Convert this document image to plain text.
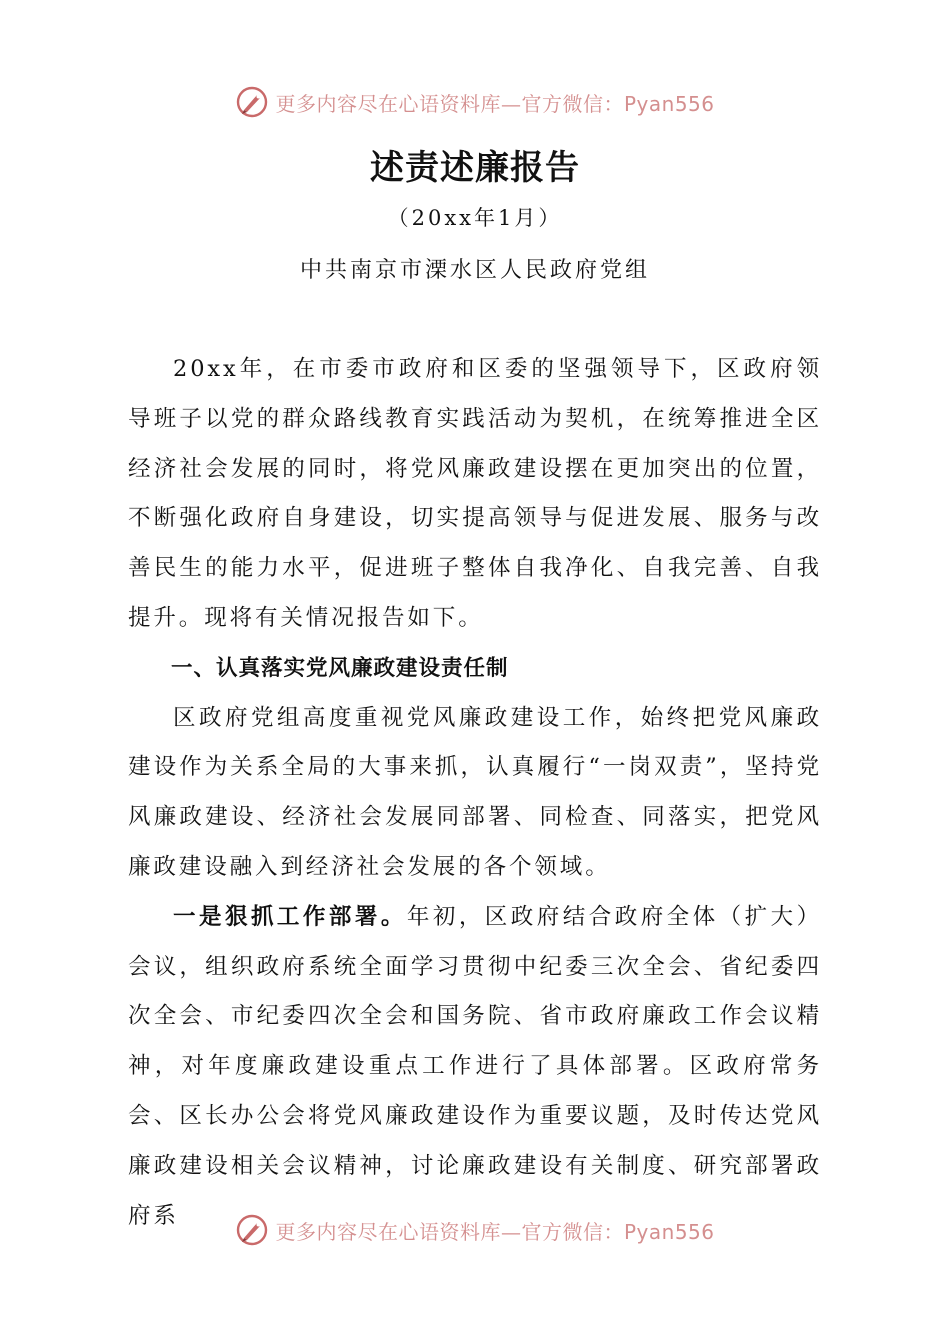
更多内容尽在心语资料库—官方微信：Pyan556
述责述廉报告
（20xx年1月）
中共南京市溧水区人民政府党组

20xx年，在市委市政府和区委的坚强领导下，区政府领导班子以党的群众路线教育实践活动为契机，在统筹推进全区经济社会发展的同时，将党风廉政建设摆在更加突出的位置，不断强化政府自身建设，切实提高领导与促进发展、服务与改善民生的能力水平，促进班子整体自我净化、自我完善、自我提升。现将有关情况报告如下。

一、认真落实党风廉政建设责任制

区政府党组高度重视党风廉政建设工作，始终把党风廉政建设作为关系全局的大事来抓，认真履行“一岗双责”，坚持党风廉政建设、经济社会发展同部署、同检查、同落实，把党风廉政建设融入到经济社会发展的各个领域。

一是狠抓工作部署。年初，区政府结合政府全体（扩大）会议，组织政府系统全面学习贯彻中纪委三次全会、省纪委四次全会、市纪委四次全会和国务院、省市政府廉政工作会议精神，对年度廉政建设重点工作进行了具体部署。区政府常务会、区长办公会将党风廉政建设作为重要议题，及时传达党风廉政建设相关会议精神，讨论廉政建设有关制度、研究部署政府系

更多内容尽在心语资料库—官方微信：Pyan556
